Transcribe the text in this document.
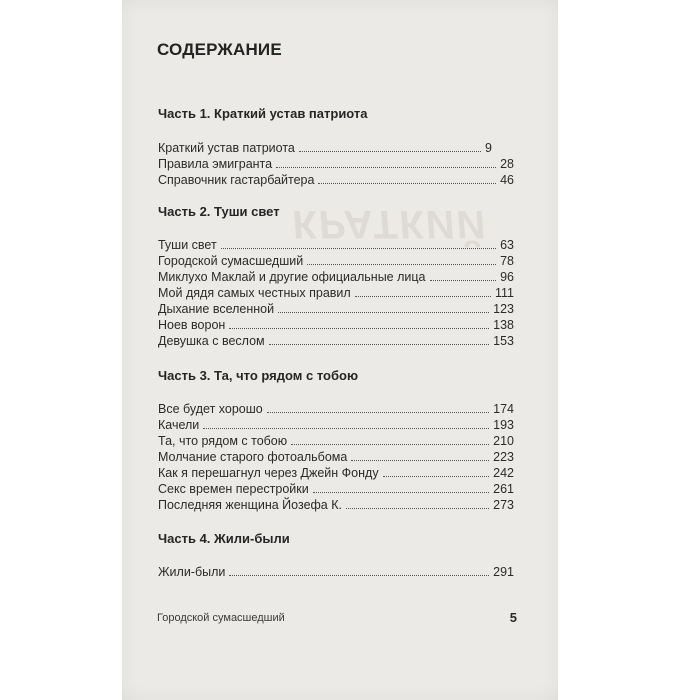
КРАТКИЙ
СОДЕРЖАНИЕ
Часть 1. Краткий устав патриота
Краткий устав патриота	9
Правила эмигранта	28
Справочник гастарбайтера	46
Часть 2. Туши свет
Туши свет	63
Городской сумасшедший	78
Миклухо Маклай и другие официальные лица	96
Мой дядя самых честных правил	111
Дыхание вселенной	123
Ноев ворон	138
Девушка с веслом	153
Часть 3. Та, что рядом с тобою
Все будет хорошо	174
Качели	193
Та, что рядом с тобою	210
Молчание старого фотоальбома	223
Как я перешагнул через Джейн Фонду	242
Секс времен перестройки	261
Последняя женщина Йозефа К.	273
Часть 4. Жили-были
Жили-были	291
Городской сумасшедший	5
